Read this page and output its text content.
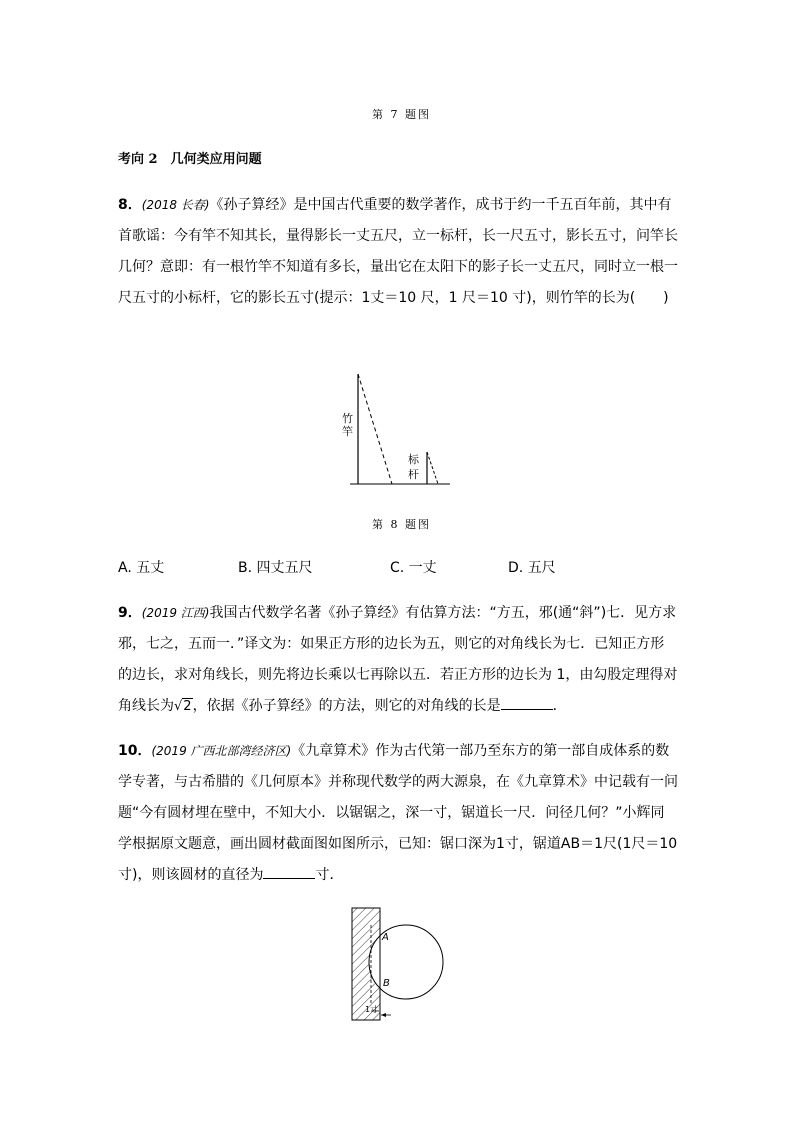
第 7 题图
考向 2　几何类应用问题
8．(2018 长春)《孙子算经》是中国古代重要的数学著作，成书于约一千五百年前，其中有首歌谣：今有竿不知其长，量得影长一丈五尺，立一标杆，长一尺五寸，影长五寸，问竿长几何？意即：有一根竹竿不知道有多长，量出它在太阳下的影子长一丈五尺，同时立一根一尺五寸的小标杆，它的影长五寸(提示：1丈＝10 尺，1 尺＝10 寸)，则竹竿的长为(　　)
竹竿
标杆
第 8 题图
A. 五丈	B. 四丈五尺	C. 一丈	D. 五尺
9．(2019 江西)我国古代数学名著《孙子算经》有估算方法：“方五，邪(通“斜”)七．见方求邪，七之，五而一．”译文为：如果正方形的边长为五，则它的对角线长为七．已知正方形的边长，求对角线长，则先将边长乘以七再除以五．若正方形的边长为 1，由勾股定理得对角线长为√2，依据《孙子算经》的方法，则它的对角线的长是	．
10．(2019 广西北部湾经济区)《九章算术》作为古代第一部乃至东方的第一部自成体系的数学专著，与古希腊的《几何原本》并称现代数学的两大源泉，在《九章算术》中记载有一问题“今有圆材埋在壁中，不知大小．以锯锯之，深一寸，锯道长一尺．问径几何？”小辉同学根据原文题意，画出圆材截面图如图所示，已知：锯口深为1寸，锯道AB＝1尺(1尺＝10 寸)，则该圆材的直径为	寸．
A
B
1寸
